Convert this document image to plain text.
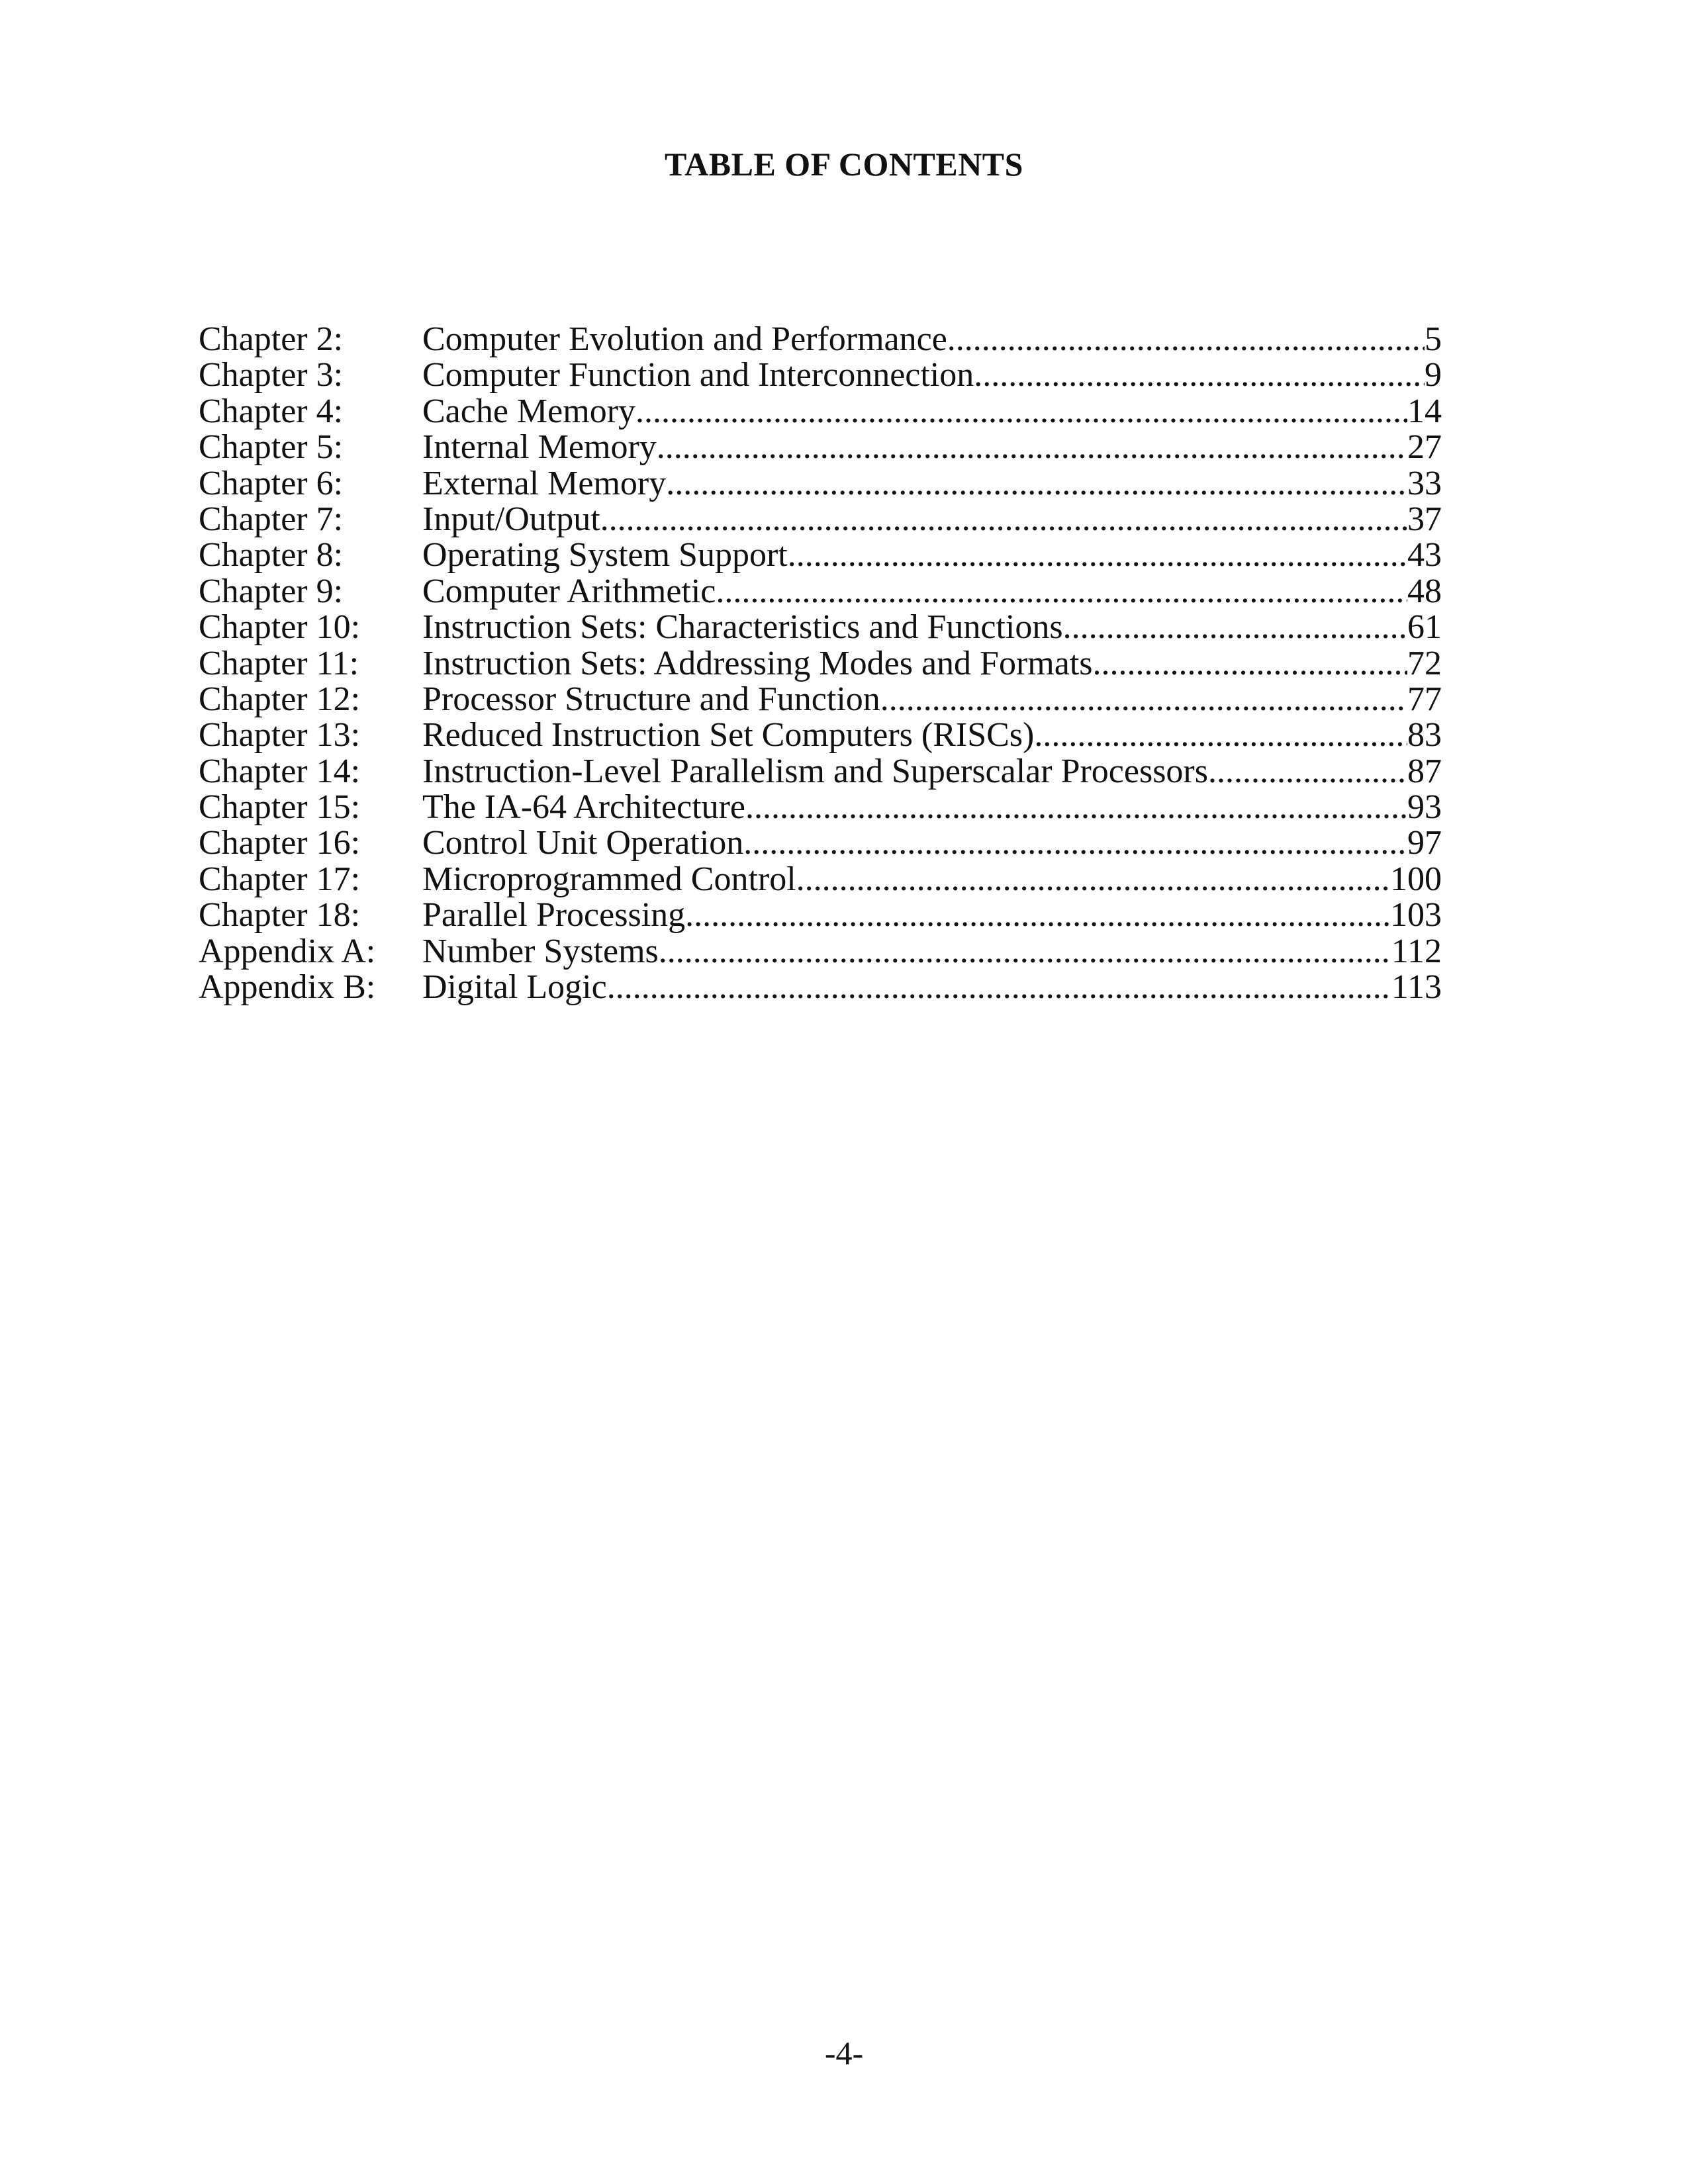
TABLE OF CONTENTS
Chapter 2:	Computer Evolution and Performance .....	5
Chapter 3:	Computer Function and Interconnection .....	9
Chapter 4:	Cache Memory .....	14
Chapter 5:	Internal Memory .....	27
Chapter 6:	External Memory .....	33
Chapter 7:	Input/Output .....	37
Chapter 8:	Operating System Support .....	43
Chapter 9:	Computer Arithmetic .....	48
Chapter 10:	Instruction Sets: Characteristics and Functions .....	61
Chapter 11:	Instruction Sets: Addressing Modes and Formats .....	72
Chapter 12:	Processor Structure and Function .....	77
Chapter 13:	Reduced Instruction Set Computers (RISCs) .....	83
Chapter 14:	Instruction-Level Parallelism and Superscalar Processors .....	87
Chapter 15:	The IA-64 Architecture .....	93
Chapter 16:	Control Unit Operation .....	97
Chapter 17:	Microprogrammed Control .....	100
Chapter 18:	Parallel Processing .....	103
Appendix A:	Number Systems .....	112
Appendix B:	Digital Logic .....	113
-4-
